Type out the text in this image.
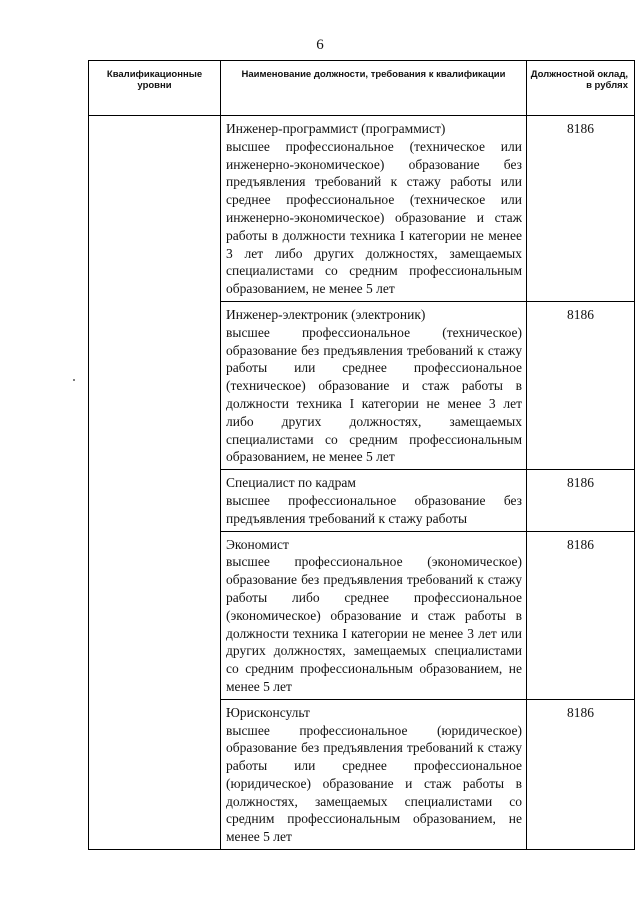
6
Квалификационные уровни	Наименование должности, требования к квалификации	Должностной оклад, в рублях

	Инженер-программист (программист)
высшее профессиональное (техническое или инженерно-экономическое) образование без предъявления требований к стажу работы или среднее профессиональное (техническое или инженерно-экономическое) образование и стаж работы в должности техника I категории не менее 3 лет либо других должностях, замещаемых специалистами со средним профессиональным образованием, не менее 5 лет	8186

	Инженер-электроник (электроник)
высшее профессиональное (техническое) образование без предъявления требований к стажу работы или среднее профессиональное (техническое) образование и стаж работы в должности техника I категории не менее 3 лет либо других должностях, замещаемых специалистами со средним профессиональным образованием, не менее 5 лет	8186

	Специалист по кадрам
высшее профессиональное образование без предъявления требований к стажу работы	8186

	Экономист
высшее профессиональное (экономическое) образование без предъявления требований к стажу работы либо среднее профессиональное (экономическое) образование и стаж работы в должности техника I категории не менее 3 лет или других должностях, замещаемых специалистами со средним профессиональным образованием, не менее 5 лет	8186

	Юрисконсульт
высшее профессиональное (юридическое) образование без предъявления требований к стажу работы или среднее профессиональное (юридическое) образование и стаж работы в должностях, замещаемых специалистами со средним профессиональным образованием, не менее 5 лет	8186
